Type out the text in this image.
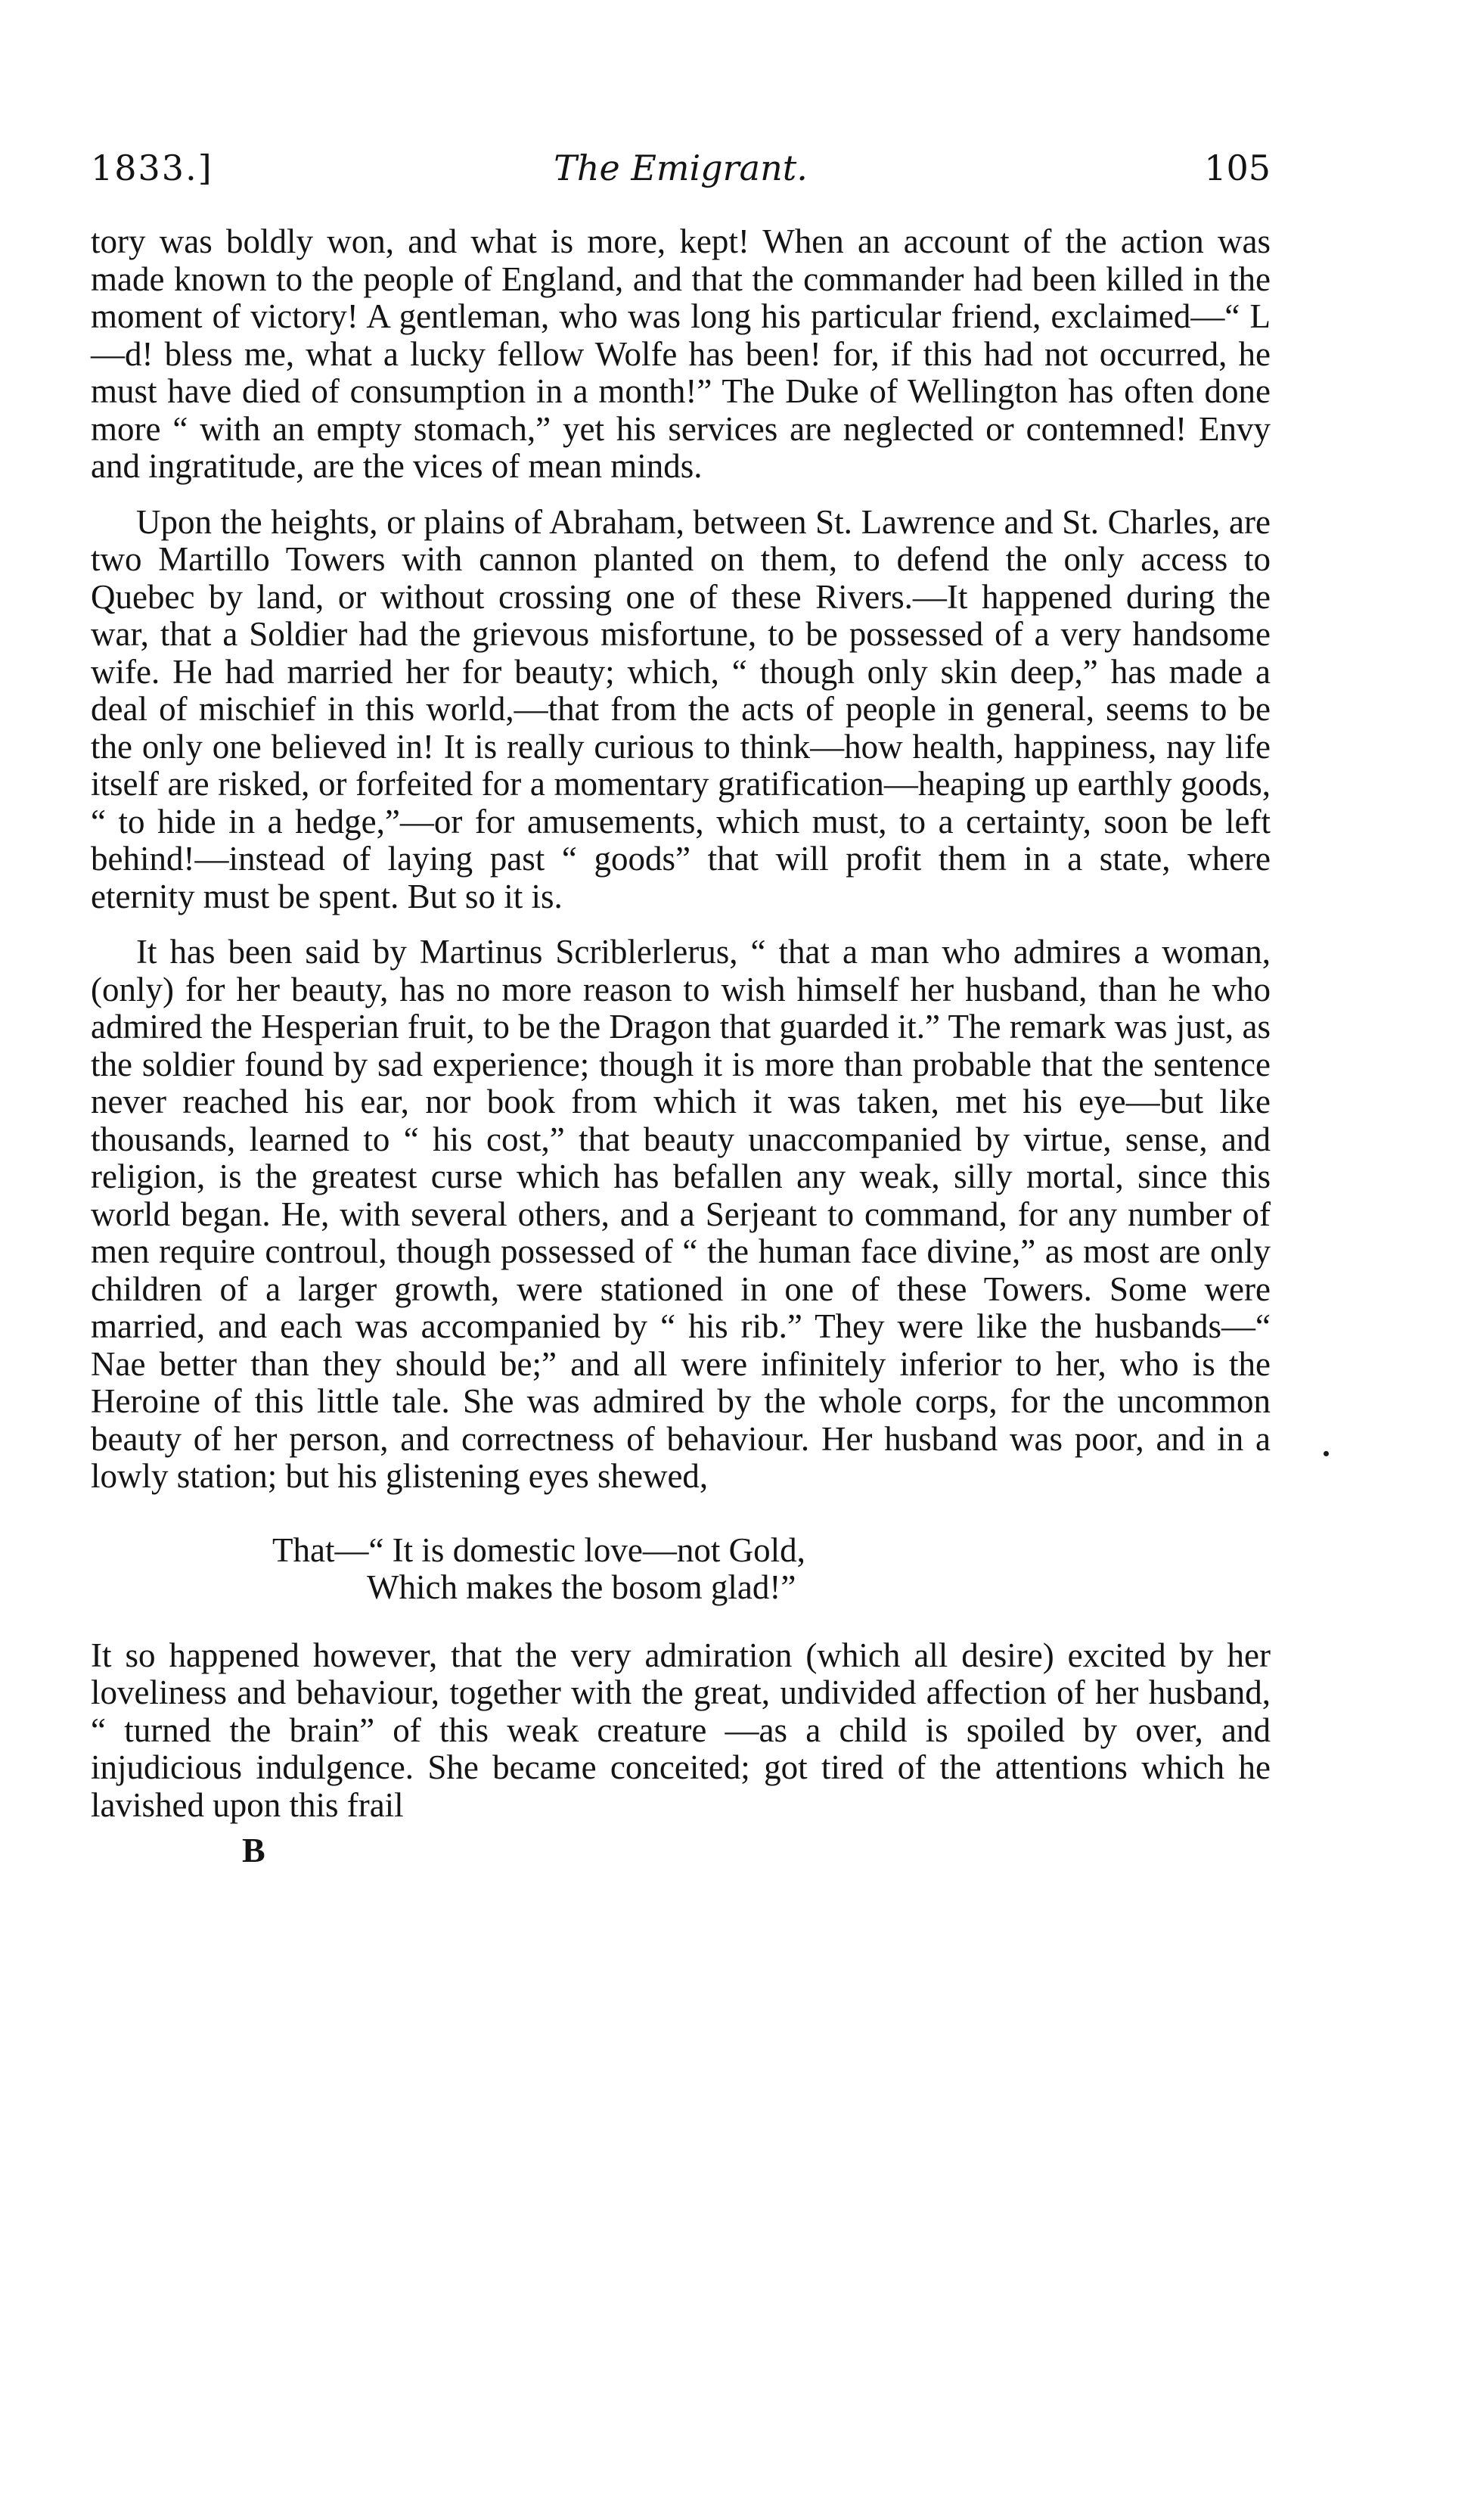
1833.]	The Emigrant.	105

tory was boldly won, and what is more, kept! When an account of the action was made known to the people of England, and that the commander had been killed in the moment of victory! A gentleman, who was long his particular friend, exclaimed—“ L—d! bless me, what a lucky fellow Wolfe has been! for, if this had not occurred, he must have died of consumption in a month!” The Duke of Wellington has often done more “ with an empty stomach,” yet his services are neglected or contemned! Envy and ingratitude, are the vices of mean minds.

Upon the heights, or plains of Abraham, between St. Lawrence and St. Charles, are two Martillo Towers with cannon planted on them, to defend the only access to Quebec by land, or without crossing one of these Rivers.—It happened during the war, that a Soldier had the grievous misfortune, to be possessed of a very handsome wife. He had married her for beauty; which, “ though only skin deep,” has made a deal of mischief in this world,—that from the acts of people in general, seems to be the only one believed in! It is really curious to think—how health, happiness, nay life itself are risked, or forfeited for a momentary gratification—heaping up earthly goods, “ to hide in a hedge,”—or for amusements, which must, to a certainty, soon be left behind!—instead of laying past “ goods” that will profit them in a state, where eternity must be spent. But so it is.

It has been said by Martinus Scriblerlerus, “ that a man who admires a woman, (only) for her beauty, has no more reason to wish himself her husband, than he who admired the Hesperian fruit, to be the Dragon that guarded it.” The remark was just, as the soldier found by sad experience; though it is more than probable that the sentence never reached his ear, nor book from which it was taken, met his eye—but like thousands, learned to “ his cost,” that beauty unaccompanied by virtue, sense, and religion, is the greatest curse which has befallen any weak, silly mortal, since this world began. He, with several others, and a Serjeant to command, for any number of men require controul, though possessed of “ the human face divine,” as most are only children of a larger growth, were stationed in one of these Towers. Some were married, and each was accompanied by “ his rib.” They were like the husbands—“ Nae better than they should be;” and all were infinitely inferior to her, who is the Heroine of this little tale. She was admired by the whole corps, for the uncommon beauty of her person, and correctness of behaviour. Her husband was poor, and in a lowly station; but his glistening eyes shewed,

That—“ It is domestic love—not Gold,
Which makes the bosom glad!”

It so happened however, that the very admiration (which all desire) excited by her loveliness and behaviour, together with the great, undivided affection of her husband, “ turned the brain” of this weak creature —as a child is spoiled by over, and injudicious indulgence. She became conceited; got tired of the attentions which he lavished upon this frail

B
